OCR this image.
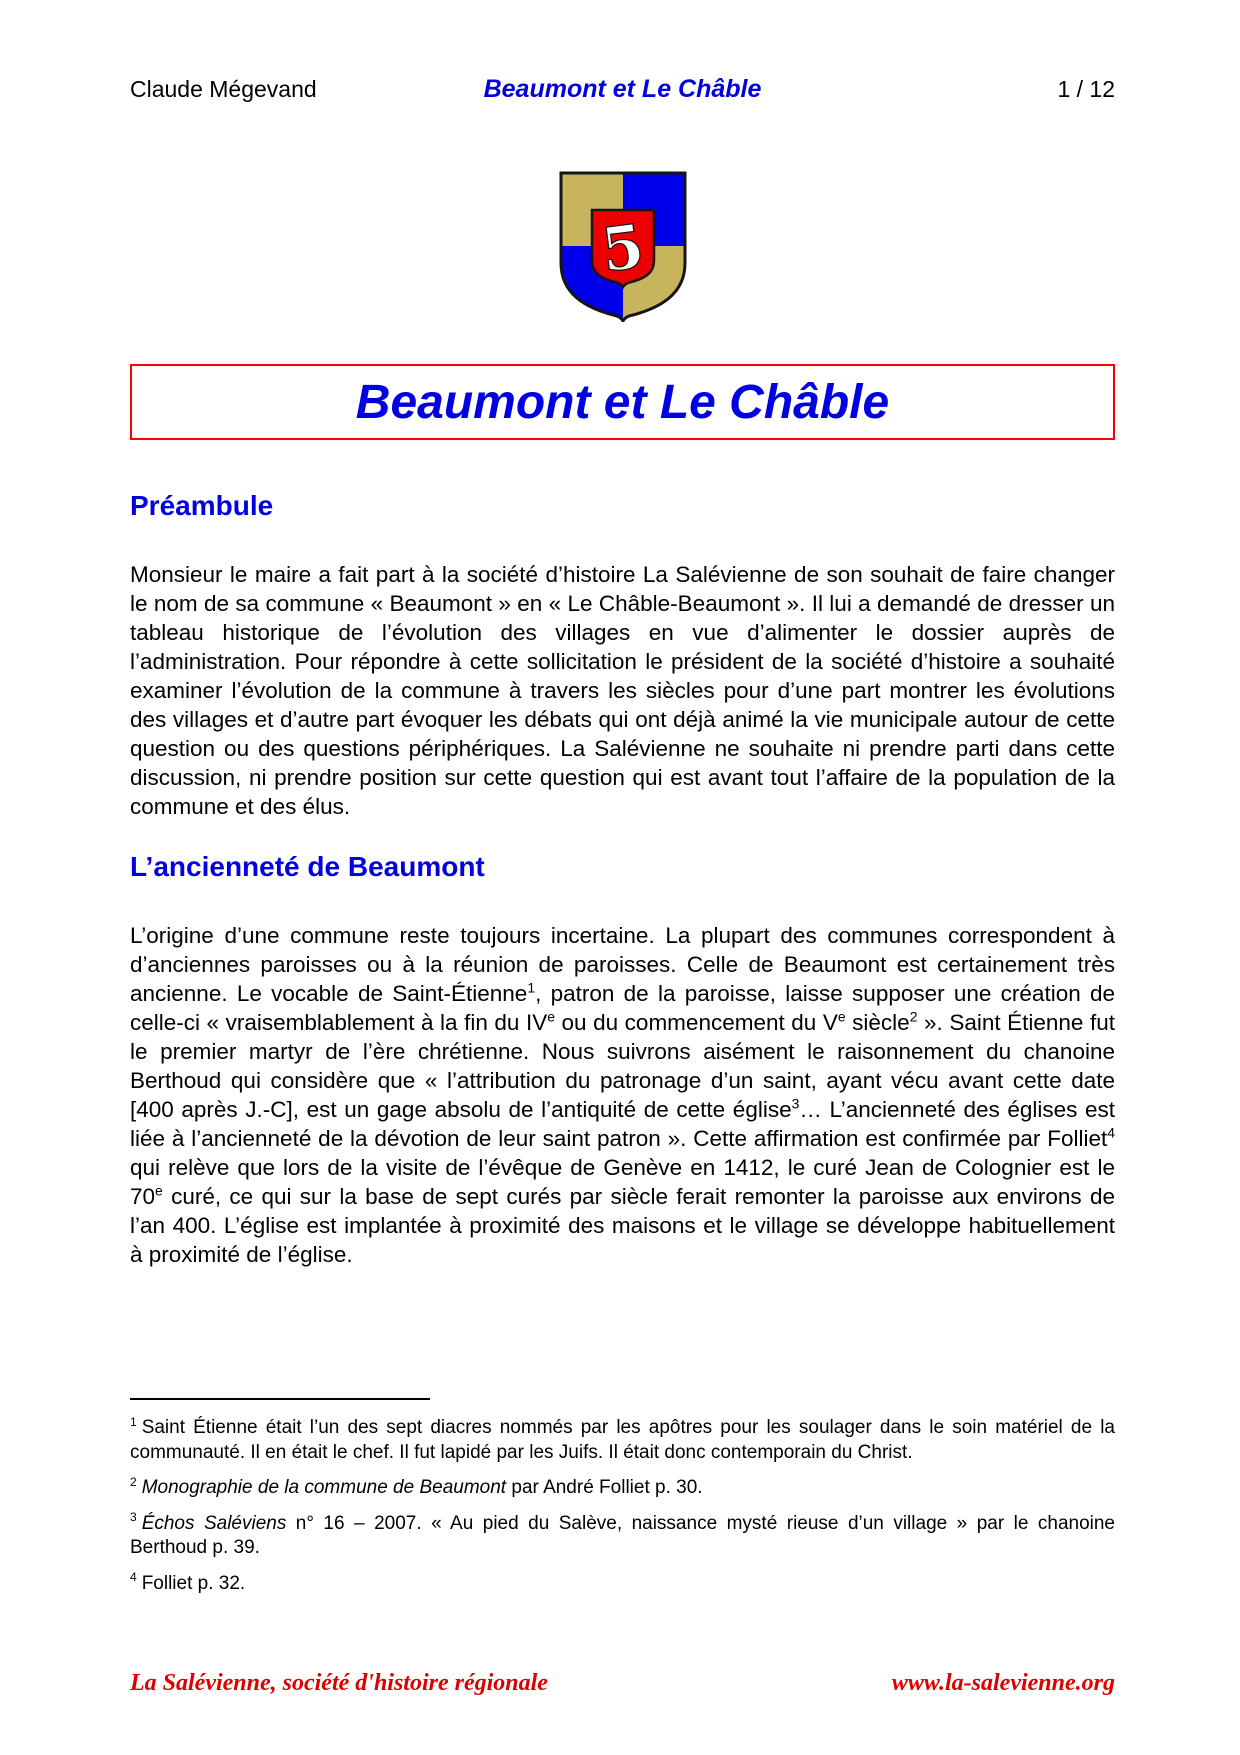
Claude Mégevand	Beaumont et Le Châble	1 / 12
5
Beaumont et Le Châble
Préambule

Monsieur le maire a fait part à la société d’histoire La Salévienne de son souhait de faire changer le nom de sa commune « Beaumont » en « Le Châble-Beaumont ». Il lui a demandé de dresser un tableau historique de l’évolution des villages en vue d’alimenter le dossier auprès de l’administration. Pour répondre à cette sollicitation le président de la société d’histoire a souhaité examiner l’évolution de la commune à travers les siècles pour d’une part montrer les évolutions des villages et d’autre part évoquer les débats qui ont déjà animé la vie municipale autour de cette question ou des questions périphériques. La Salévienne ne souhaite ni prendre parti dans cette discussion, ni prendre position sur cette question qui est avant tout l’affaire de la population de la commune et des élus.

L’ancienneté de Beaumont

L’origine d’une commune reste toujours incertaine. La plupart des communes correspondent à d’anciennes paroisses ou à la réunion de paroisses. Celle de Beaumont est certainement très ancienne. Le vocable de Saint-Étienne$^1$, patron de la paroisse, laisse supposer une création de celle-ci « vraisemblablement à la fin du IVe ou du commencement du Ve siècle$^2$ ». Saint Étienne fut le premier martyr de l’ère chrétienne. Nous suivrons aisément le raisonnement du chanoine Berthoud qui considère que « l’attribution du patronage d’un saint, ayant vécu avant cette date [400 après J.-C], est un gage absolu de l’antiquité de cette église$^3$… L’ancienneté des églises est liée à l’ancienneté de la dévotion de leur saint patron ». Cette affirmation est confirmée par Folliet$^4$ qui relève que lors de la visite de l’évêque de Genève en 1412, le curé Jean de Colognier est le 70e curé, ce qui sur la base de sept curés par siècle ferait remonter la paroisse aux environs de l’an 400. L’église est implantée à proximité des maisons et le village se développe habituellement à proximité de l’église.

$^1$ Saint Étienne était l’un des sept diacres nommés par les apôtres pour les soulager dans le soin matériel de la communauté. Il en était le chef. Il fut lapidé par les Juifs. Il était donc contemporain du Christ.

$^2$ Monographie de la commune de Beaumont par André Folliet p. 30.

$^3$ Échos Saléviens n° 16 – 2007. « Au pied du Salève, naissance mysté rieuse d’un village » par le chanoine Berthoud p. 39.

$^4$ Folliet p. 32.

La Salévienne, société d'histoire régionale	www.la-salevienne.org
